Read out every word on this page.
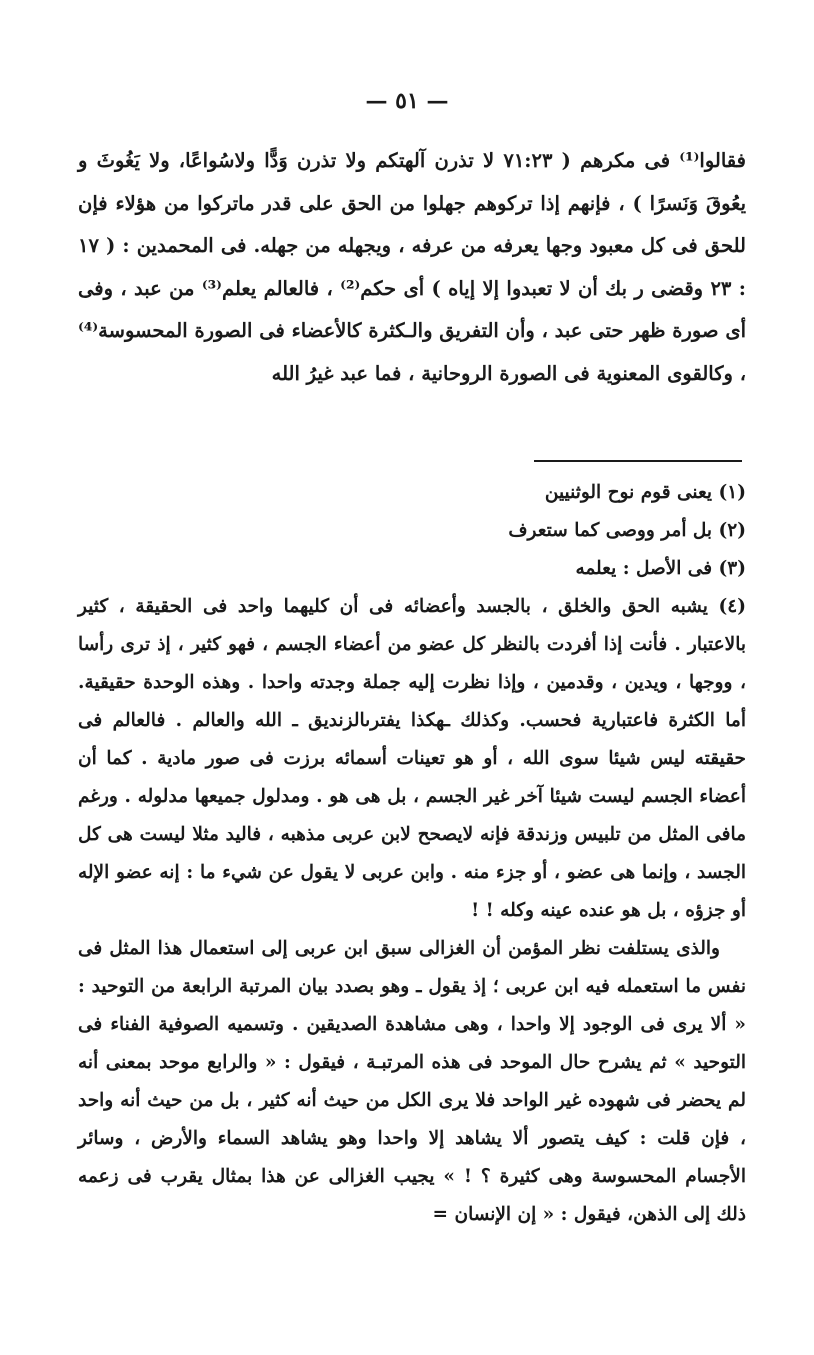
— ٥١ —

فقالوا⁽¹⁾ فى مكرهم ( ٧١:٢٣ لا تذرن آلهتكم ولا تذرن وَدًّا ولاسُواعًا، ولا يَغُوثَ و يعُوقَ وَنَسرًا ) ، فإنهم إذا تركوهم جهلوا من الحق على قدر ماتركوا من هؤلاء فإن للحق فى كل معبود وجها يعرفه من عرفه ، ويجهله من جهله. فى المحمدين : ( ١٧ : ٢٣ وقضى ر بك أن لا تعبدوا إلا إياه ) أى حكم⁽²⁾ ، فالعالم يعلم⁽³⁾ من عبد ، وفى أى صورة ظهر حتى عبد ، وأن التفريق والـكثرة كالأعضاء فى الصورة المحسوسة⁽⁴⁾ ، وكالقوى المعنوية فى الصورة الروحانية ، فما عبد غيرُ الله

(١) يعنى قوم نوح الوثنيين

(٢) بل أمر ووصى كما ستعرف

(٣) فى الأصل : يعلمه

(٤) يشبه الحق والخلق ، بالجسد وأعضائه فى أن كليهما واحد فى الحقيقة ، كثير بالاعتبار . فأنت إذا أفردت بالنظر كل عضو من أعضاء الجسم ، فهو كثير ، إذ ترى رأسا ، ووجها ، ويدين ، وقدمين ، وإذا نظرت إليه جملة وجدته واحدا . وهذه الوحدة حقيقية. أما الكثرة فاعتبارية فحسب. وكذلك ـهكذا يفترىالزنديق ـ الله والعالم . فالعالم فى حقيقته ليس شيئا سوى الله ، أو هو تعينات أسمائه برزت فى صور مادية . كما أن أعضاء الجسم ليست شيئا آخر غير الجسم ، بل هى هو . ومدلول جميعها مدلوله . ورغم مافى المثل من تلبيس وزندقة فإنه لايصحح لابن عربى مذهبه ، فاليد مثلا ليست هى كل الجسد ، وإنما هى عضو ، أو جزء منه . وابن عربى لا يقول عن شيء ما : إنه عضو الإله أو جزؤه ، بل هو عنده عينه وكله ! !

والذى يستلفت نظر المؤمن أن الغزالى سبق ابن عربى إلى استعمال هذا المثل فى نفس ما استعمله فيه ابن عربى ؛ إذ يقول ـ وهو بصدد بيان المرتبة الرابعة من التوحيد : « ألا يرى فى الوجود إلا واحدا ، وهى مشاهدة الصديقين . وتسميه الصوفية الفناء فى التوحيد » ثم يشرح حال الموحد فى هذه المرتبـة ، فيقول : « والرابع موحد بمعنى أنه لم يحضر فى شهوده غير الواحد فلا يرى الكل من حيث أنه كثير ، بل من حيث أنه واحد ، فإن قلت : كيف يتصور ألا يشاهد إلا واحدا وهو يشاهد السماء والأرض ، وسائر الأجسام المحسوسة وهى كثيرة ؟ ! » يجيب الغزالى عن هذا بمثال يقرب فى زعمه ذلك إلى الذهن، فيقول : « إن الإنسان =
